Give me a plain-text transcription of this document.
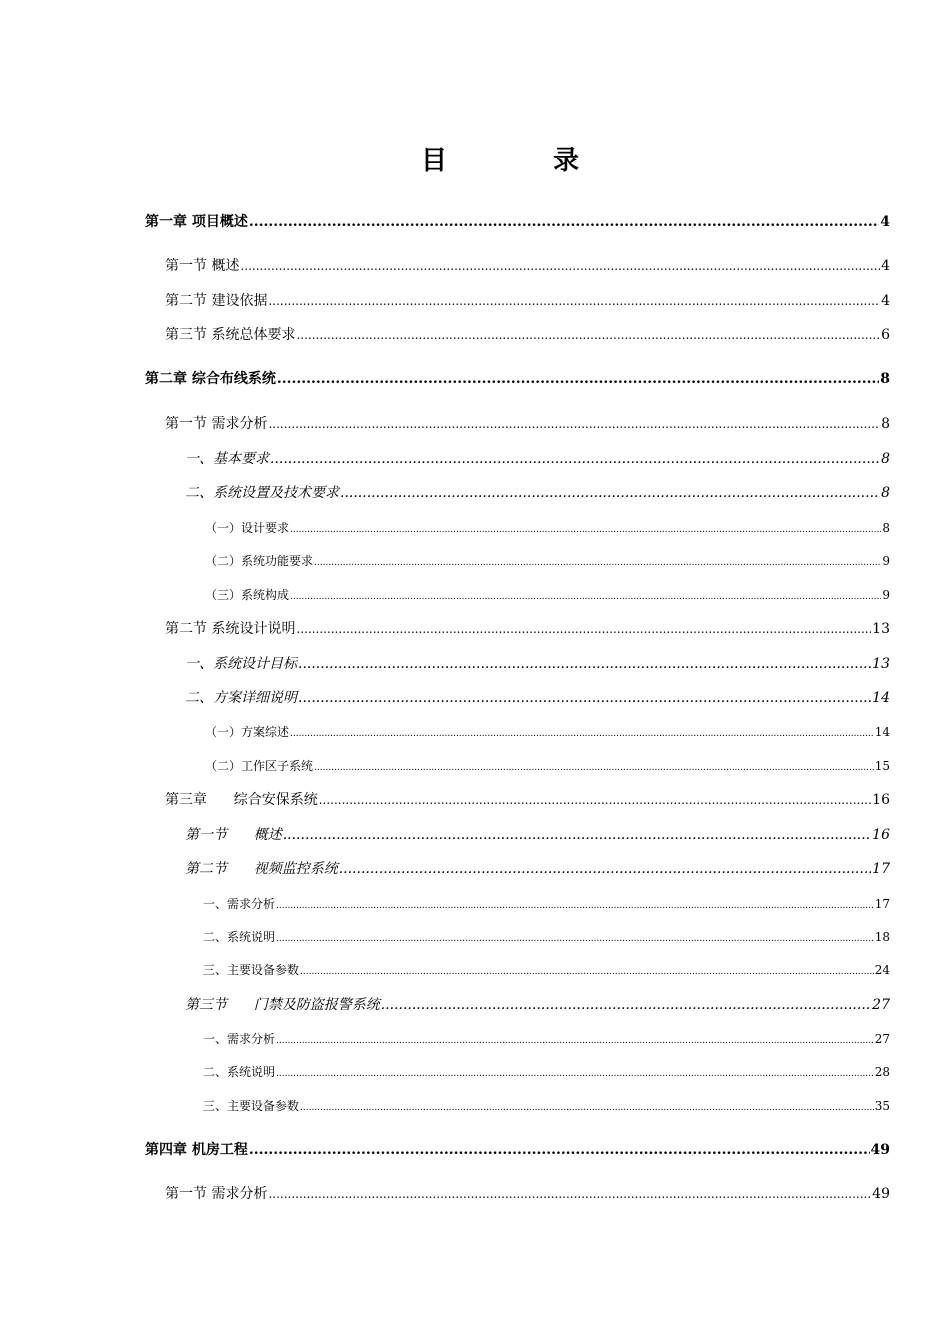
目　录
第一章 项目概述 .....	4
第一节 概述 .....	4
第二节 建设依据 .....	4
第三节 系统总体要求 .....	6
第二章 综合布线系统 .....	8
第一节 需求分析 .....	8
一、基本要求 .....	8
二、系统设置及技术要求 .....	8
（一）设计要求 .....	8
（二）系统功能要求 .....	9
（三）系统构成 .....	9
第二节 系统设计说明 .....	13
一、系统设计目标 .....	13
二、方案详细说明 .....	14
（一）方案综述 .....	14
（二）工作区子系统 .....	15
第三章      综合安保系统 .....	16
第一节      概述 .....	16
第二节      视频监控系统 .....	17
一、需求分析 .....	17
二、系统说明 .....	18
三、主要设备参数 .....	24
第三节      门禁及防盗报警系统 .....	27
一、需求分析 .....	27
二、系统说明 .....	28
三、主要设备参数 .....	35
第四章 机房工程 .....	49
第一节 需求分析 .....	49
